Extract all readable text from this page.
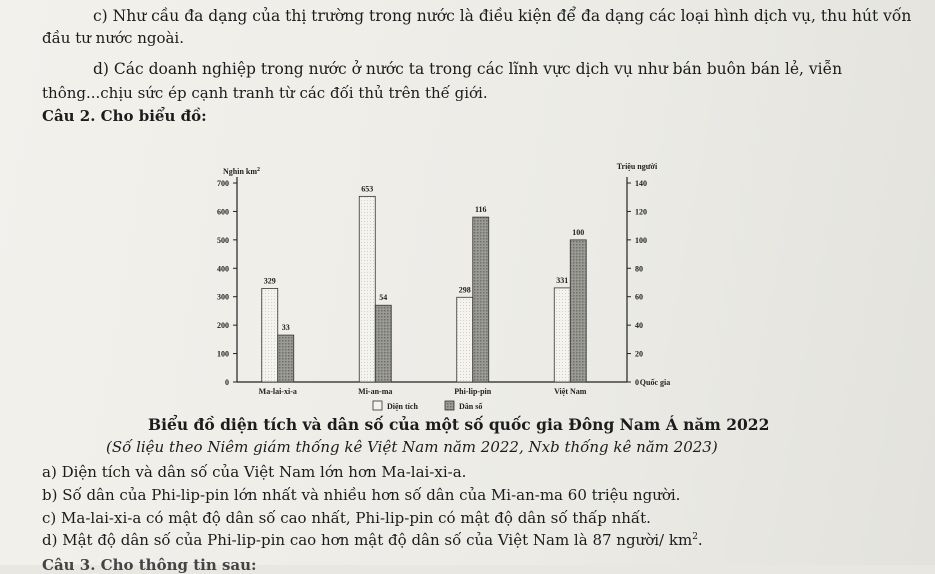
c) Như cầu đa dạng của thị trường trong nước là điều kiện để đa dạng các loại hình dịch vụ, thu hút vốn
đầu tư nước ngoài.
d) Các doanh nghiệp trong nước ở nước ta trong các lĩnh vực dịch vụ như bán buôn bán lẻ, viễn
thông...chịu sức ép cạnh tranh từ các đối thủ trên thế giới.
Câu 2. Cho biểu đồ:
0
100
200
300
400
500
600
700
0
20
40
60
80
100
120
140
Nghìn $km^2$	Triệu người
Quốc gia
329
33
Ma-lai-xi-a
653
54
Mi-an-ma
298
116
Phi-lip-pin
331
100
Việt Nam
Diện tích	Dân số
Biểu đồ diện tích và dân số của một số quốc gia Đông Nam Á năm 2022
(Số liệu theo Niêm giám thống kê Việt Nam năm 2022, Nxb thống kê năm 2023)
a) Diện tích và dân số của Việt Nam lớn hơn Ma-lai-xi-a.
b) Số dân của Phi-lip-pin lớn nhất và nhiều hơn số dân của Mi-an-ma 60 triệu người.
c) Ma-lai-xi-a có mật độ dân số cao nhất, Phi-lip-pin có mật độ dân số thấp nhất.
d) Mật độ dân số của Phi-lip-pin cao hơn mật độ dân số của Việt Nam là 87 người/ $km^2$.
Câu 3. Cho thông tin sau:
